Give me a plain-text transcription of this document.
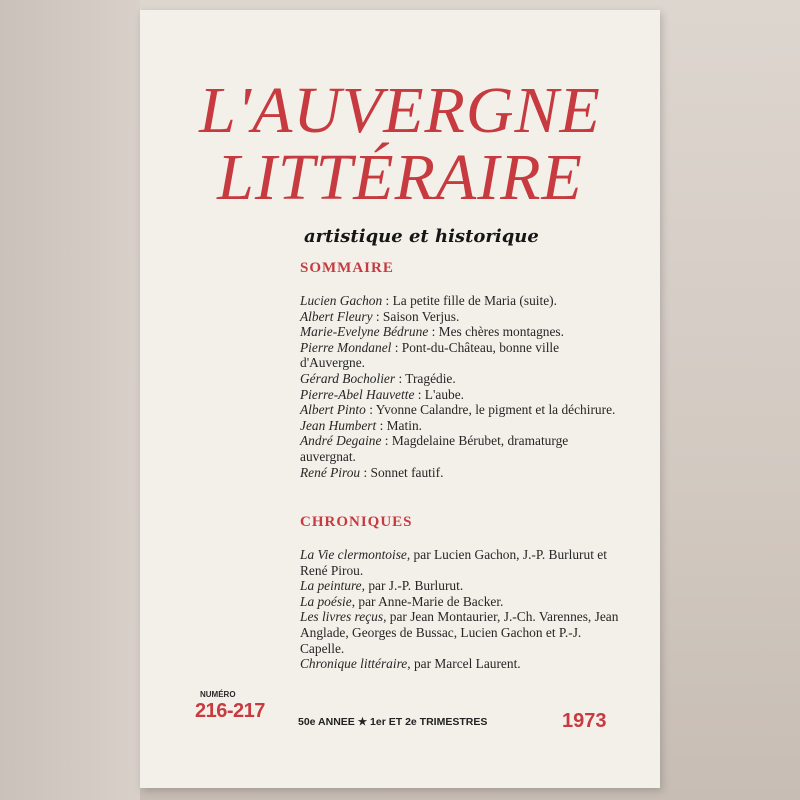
L'AUVERGNE
LITTÉRAIRE
artistique et historique
SOMMAIRE
Lucien Gachon : La petite fille de Maria (suite).
Albert Fleury : Saison Verjus.
Marie-Evelyne Bédrune : Mes chères montagnes.
Pierre Mondanel : Pont-du-Château, bonne ville d'Auvergne.
Gérard Bocholier : Tragédie.
Pierre-Abel Hauvette : L'aube.
Albert Pinto : Yvonne Calandre, le pigment et la déchirure.
Jean Humbert : Matin.
André Degaine : Magdelaine Bérubet, dramaturge auvergnat.
René Pirou : Sonnet fautif.
CHRONIQUES
La Vie clermontoise, par Lucien Gachon, J.-P. Burlurut et René Pirou.
La peinture, par J.-P. Burlurut.
La poésie, par Anne-Marie de Backer.
Les livres reçus, par Jean Montaurier, J.-Ch. Varennes, Jean Anglade, Georges de Bussac, Lucien Gachon et P.-J. Capelle.
Chronique littéraire, par Marcel Laurent.
NUMÉRO
216-217	50e ANNEE ★ 1er ET 2e TRIMESTRES	1973
